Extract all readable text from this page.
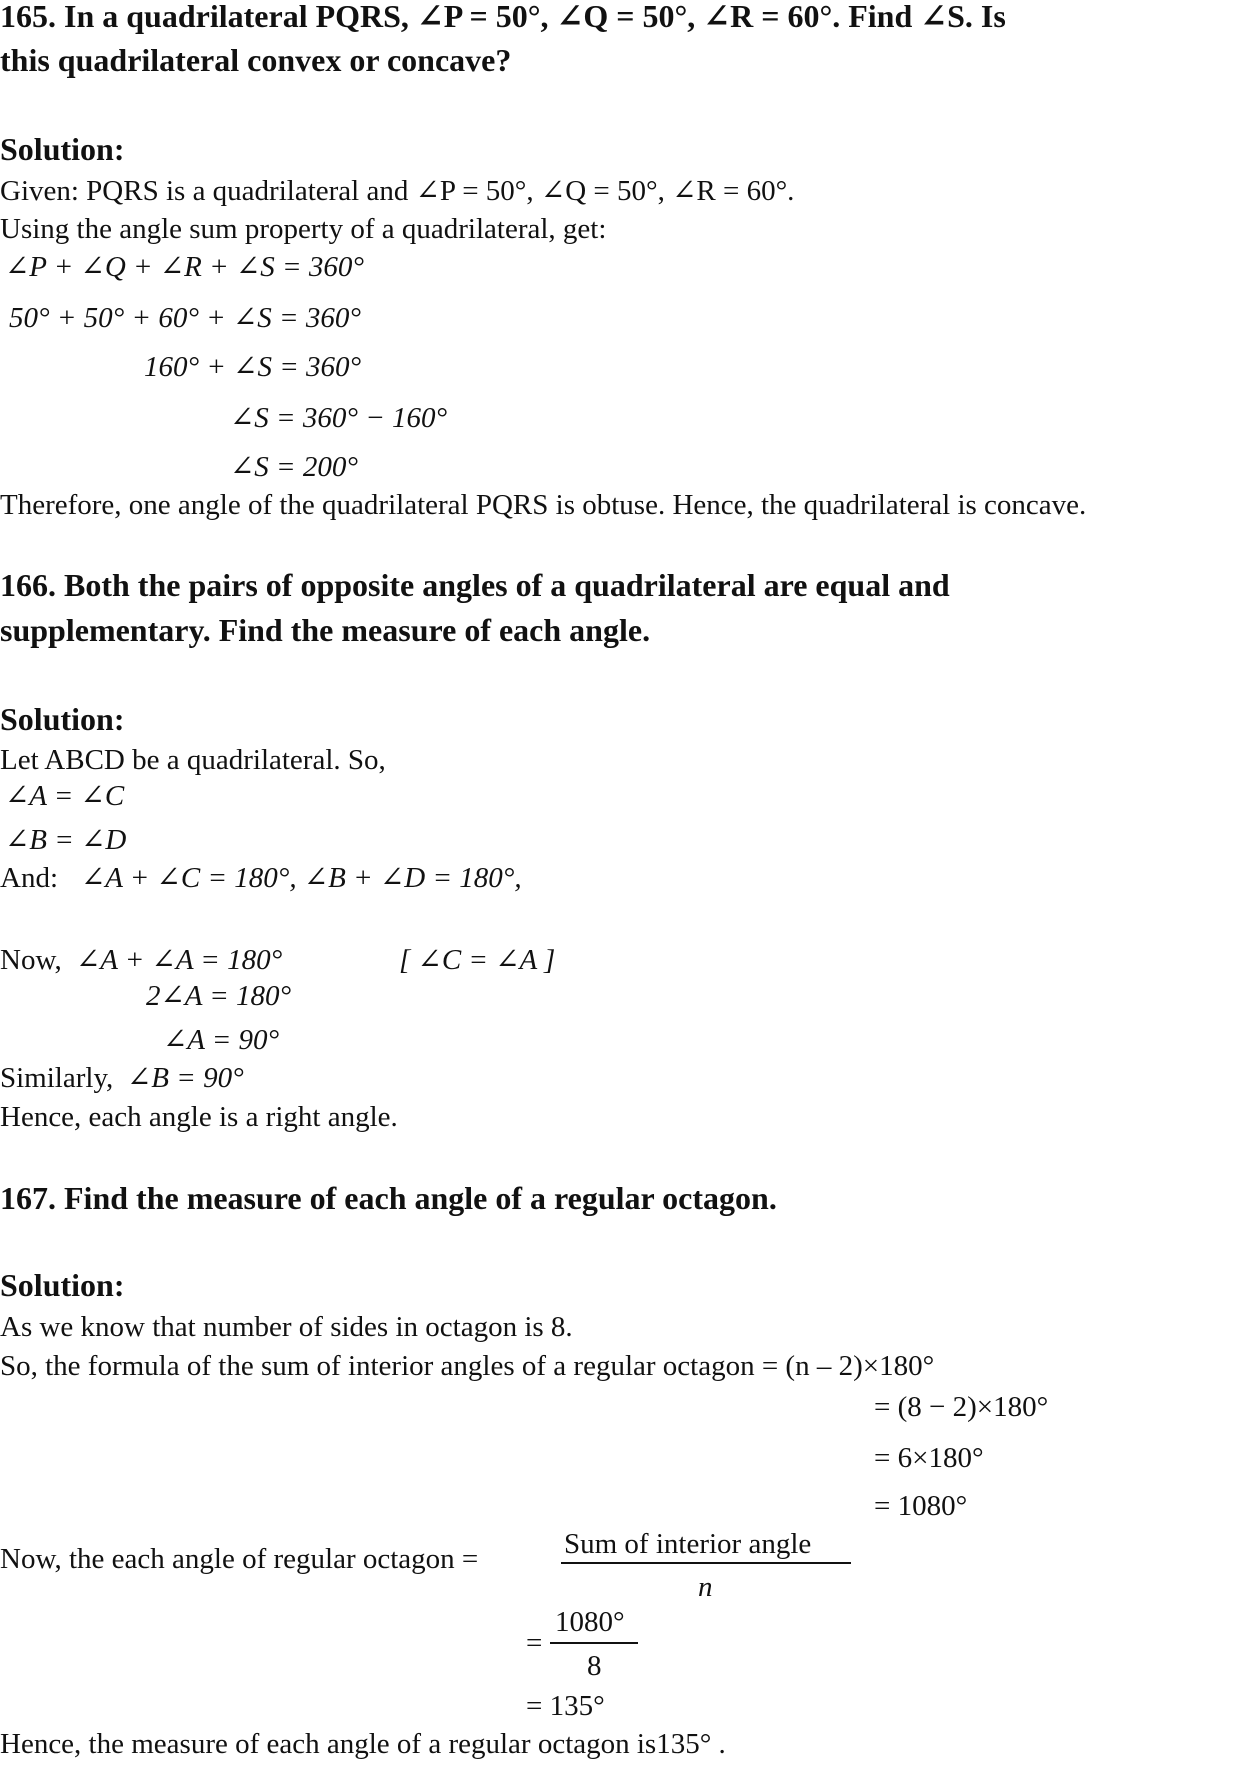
165. In a quadrilateral PQRS, ∠P = 50°, ∠Q = 50°, ∠R = 60°. Find ∠S. Is
this quadrilateral convex or concave?
Solution:
Given: PQRS is a quadrilateral and ∠P = 50°, ∠Q = 50°, ∠R = 60°.
Using the angle sum property of a quadrilateral, get:
∠P + ∠Q + ∠R + ∠S = 360°
50° + 50° + 60° + ∠S = 360°
160° + ∠S = 360°
∠S = 360° − 160°
∠S = 200°
Therefore, one angle of the quadrilateral PQRS is obtuse. Hence, the quadrilateral is concave.
166. Both the pairs of opposite angles of a quadrilateral are equal and
supplementary. Find the measure of each angle.
Solution:
Let ABCD be a quadrilateral. So,
∠A = ∠C
∠B = ∠D
And: ∠A + ∠C = 180°, ∠B + ∠D = 180°,
Now, ∠A + ∠A = 180°	[ ∠C = ∠A ]
2∠A = 180°
∠A = 90°
Similarly, ∠B = 90°
Hence, each angle is a right angle.
167. Find the measure of each angle of a regular octagon.
Solution:
As we know that number of sides in octagon is 8.
So, the formula of the sum of interior angles of a regular octagon = (n – 2)×180°
= (8 − 2)×180°
= 6×180°
= 1080°
Now, the each angle of regular octagon =	Sum of interior angle
n
=
1080°
8
= 135°
Hence, the measure of each angle of a regular octagon is135° .
